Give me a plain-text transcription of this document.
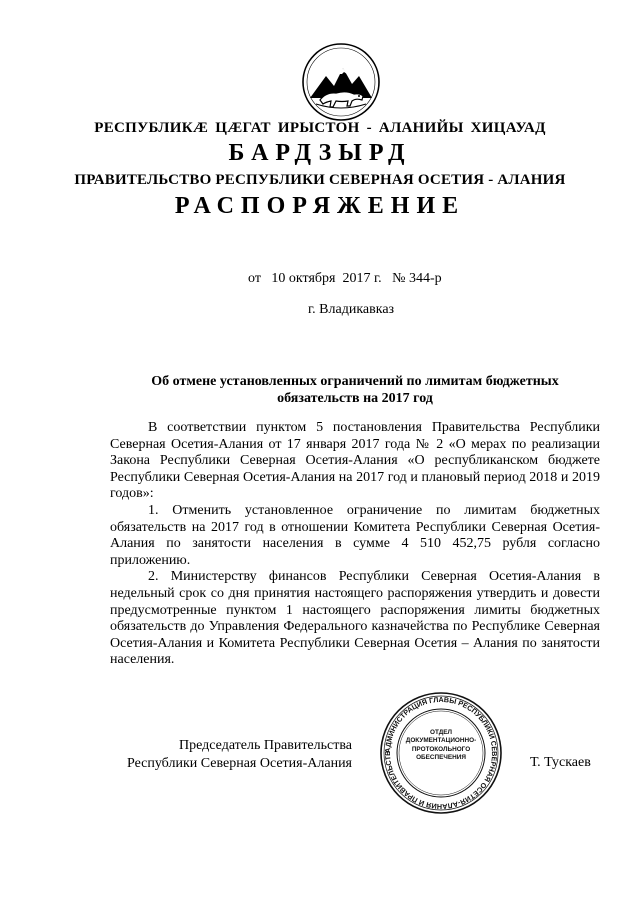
РЕСПУБЛИКӔ ЦӔГАТ ИРЫСТОН - АЛАНИЙЫ ХИЦАУАД
БАРДЗЫРД
ПРАВИТЕЛЬСТВО РЕСПУБЛИКИ СЕВЕРНАЯ ОСЕТИЯ - АЛАНИЯ
РАСПОРЯЖЕНИЕ
от   10 октября  2017 г.   № 344-р
г. Владикавказ
Об отмене установленных ограничений по лимитам бюджетных
обязательств на 2017 год

В соответствии пунктом 5 постановления Правительства Республики Северная Осетия-Алания от 17 января 2017 года № 2 «О мерах по реализации Закона Республики Северная Осетия-Алания «О республиканском бюджете Республики Северная Осетия-Алания на 2017 год и плановый период 2018 и 2019 годов»:

1. Отменить установленное ограничение по лимитам бюджетных обязательств на 2017 год в отношении Комитета Республики Северная Осетия-Алания по занятости населения в сумме 4 510 452,75 рубля согласно приложению.

2. Министерству финансов Республики Северная Осетия-Алания в недельный срок со дня принятия настоящего распоряжения утвердить и довести предусмотренные пунктом 1 настоящего распоряжения лимиты бюджетных обязательств до Управления Федерального казначейства по Республике Северная Осетия-Алания и Комитета Республики Северная Осетия – Алания по занятости населения.

Председатель Правительства
Республики Северная Осетия-Алания	Т. Тускаев
АДМИНИСТРАЦИЯ ГЛАВЫ РЕСПУБЛИКИ СЕВЕРНАЯ ОСЕТИЯ-АЛАНИЯ И ПРАВИТЕЛЬСТВ
ОТДЕЛ
ДОКУМЕНТАЦИОННО-
ПРОТОКОЛЬНОГО
ОБЕСПЕЧЕНИЯ
